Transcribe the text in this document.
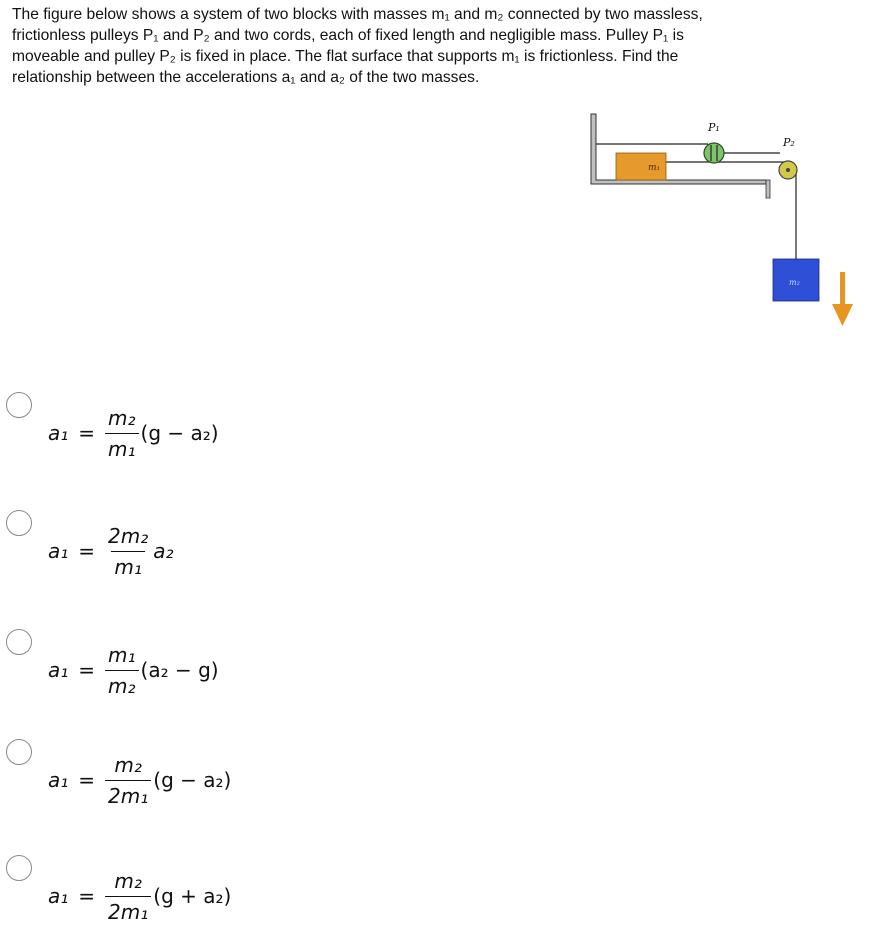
The figure below shows a system of two blocks with masses m₁ and m₂ connected by two massless,

frictionless pulleys P₁ and P₂ and two cords, each of fixed length and negligible mass. Pulley P₁ is

moveable and pulley P₂ is fixed in place. The flat surface that supports m₁ is frictionless. Find the

relationship between the accelerations a₁ and a₂ of the two masses.

m₁
P₁
P₂
m₂
$a_1 = \frac{\text{m₂}}{\text{m₁}} (g - a_2)$
$a_1 = \frac{\text{2m₂}}{\text{m₁}} a_2$
$a_1 = \frac{\text{m₁}}{\text{m₂}} (a_2 - g)$
$a_1 = \frac{\text{m₂}}{\text{2m₁}} (g - a_2)$
$a_1 = \frac{\text{m₂}}{\text{2m₁}} (g + a_2)$
